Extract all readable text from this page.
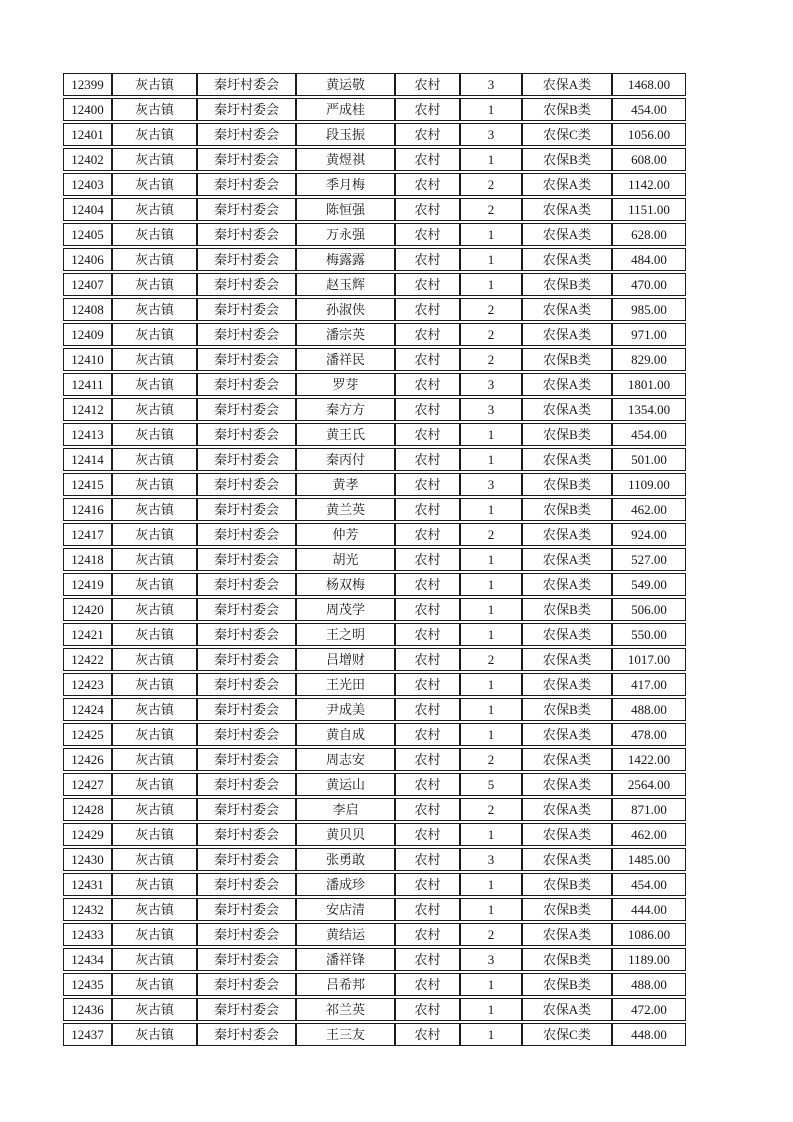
12399	灰古镇	秦圩村委会	黄运敬	农村	3	农保A类	1468.00
12400	灰古镇	秦圩村委会	严成桂	农村	1	农保B类	454.00
12401	灰古镇	秦圩村委会	段玉振	农村	3	农保C类	1056.00
12402	灰古镇	秦圩村委会	黄煜祺	农村	1	农保B类	608.00
12403	灰古镇	秦圩村委会	季月梅	农村	2	农保A类	1142.00
12404	灰古镇	秦圩村委会	陈恒强	农村	2	农保A类	1151.00
12405	灰古镇	秦圩村委会	万永强	农村	1	农保A类	628.00
12406	灰古镇	秦圩村委会	梅露露	农村	1	农保A类	484.00
12407	灰古镇	秦圩村委会	赵玉辉	农村	1	农保B类	470.00
12408	灰古镇	秦圩村委会	孙淑侠	农村	2	农保A类	985.00
12409	灰古镇	秦圩村委会	潘宗英	农村	2	农保A类	971.00
12410	灰古镇	秦圩村委会	潘祥民	农村	2	农保B类	829.00
12411	灰古镇	秦圩村委会	罗芽	农村	3	农保A类	1801.00
12412	灰古镇	秦圩村委会	秦方方	农村	3	农保A类	1354.00
12413	灰古镇	秦圩村委会	黄王氏	农村	1	农保B类	454.00
12414	灰古镇	秦圩村委会	秦丙付	农村	1	农保A类	501.00
12415	灰古镇	秦圩村委会	黄孝	农村	3	农保B类	1109.00
12416	灰古镇	秦圩村委会	黄兰英	农村	1	农保B类	462.00
12417	灰古镇	秦圩村委会	仲芳	农村	2	农保A类	924.00
12418	灰古镇	秦圩村委会	胡光	农村	1	农保A类	527.00
12419	灰古镇	秦圩村委会	杨双梅	农村	1	农保A类	549.00
12420	灰古镇	秦圩村委会	周茂学	农村	1	农保B类	506.00
12421	灰古镇	秦圩村委会	王之明	农村	1	农保A类	550.00
12422	灰古镇	秦圩村委会	吕增财	农村	2	农保A类	1017.00
12423	灰古镇	秦圩村委会	王光田	农村	1	农保A类	417.00
12424	灰古镇	秦圩村委会	尹成美	农村	1	农保B类	488.00
12425	灰古镇	秦圩村委会	黄自成	农村	1	农保A类	478.00
12426	灰古镇	秦圩村委会	周志安	农村	2	农保A类	1422.00
12427	灰古镇	秦圩村委会	黄运山	农村	5	农保A类	2564.00
12428	灰古镇	秦圩村委会	李启	农村	2	农保A类	871.00
12429	灰古镇	秦圩村委会	黄贝贝	农村	1	农保A类	462.00
12430	灰古镇	秦圩村委会	张勇敢	农村	3	农保A类	1485.00
12431	灰古镇	秦圩村委会	潘成珍	农村	1	农保B类	454.00
12432	灰古镇	秦圩村委会	安店清	农村	1	农保B类	444.00
12433	灰古镇	秦圩村委会	黄结运	农村	2	农保A类	1086.00
12434	灰古镇	秦圩村委会	潘祥锋	农村	3	农保B类	1189.00
12435	灰古镇	秦圩村委会	吕希邦	农村	1	农保B类	488.00
12436	灰古镇	秦圩村委会	祁兰英	农村	1	农保A类	472.00
12437	灰古镇	秦圩村委会	王三友	农村	1	农保C类	448.00
